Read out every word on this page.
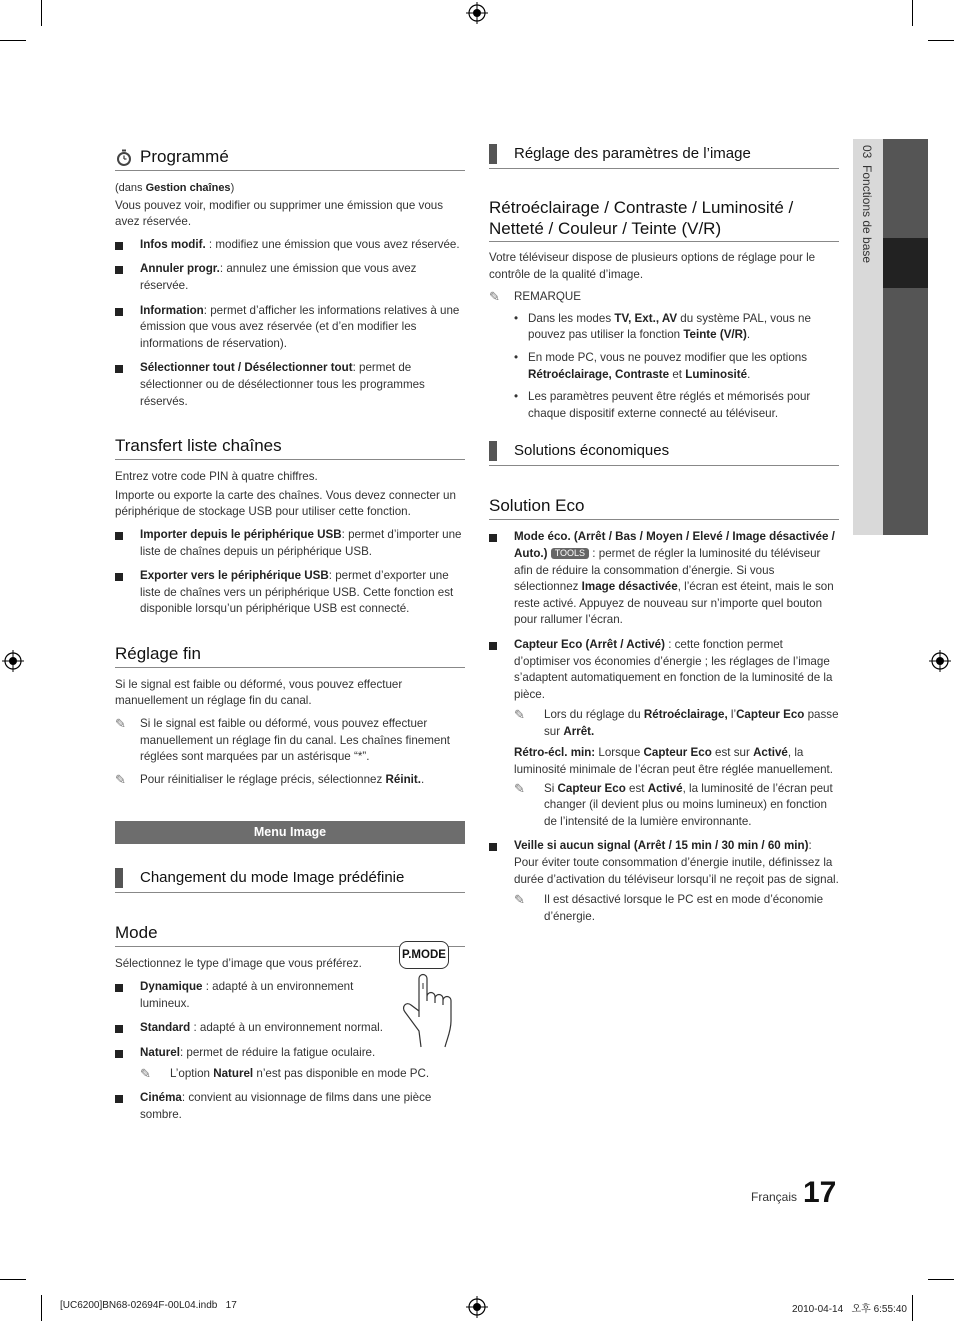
03  Fonctions de base
Programmé

(dans Gestion chaînes)

Vous pouvez voir, modifier ou supprimer une émission que vous avez réservée.

Infos modif. : modifiez une émission que vous avez réservée.

Annuler progr.: annulez une émission que vous avez réservée.

Information: permet d’afficher les informations relatives à une émission que vous avez réservée (et d’en modifier les informations de réservation).

Sélectionner tout / Désélectionner tout: permet de sélectionner ou de désélectionner tous les programmes réservés.

Transfert liste chaînes

Entrez votre code PIN à quatre chiffres.

Importe ou exporte la carte des chaînes. Vous devez connecter un périphérique de stockage USB pour utiliser cette fonction.

Importer depuis le périphérique USB: permet d’importer une liste de chaînes depuis un périphérique USB.

Exporter vers le périphérique USB: permet d’exporter une liste de chaînes vers un périphérique USB. Cette fonction est disponible lorsqu’un périphérique USB est connecté.

Réglage fin

Si le signal est faible ou déformé, vous pouvez effectuer manuellement un réglage fin du canal.

✎ Si le signal est faible ou déformé, vous pouvez effectuer manuellement un réglage fin du canal. Les chaînes finement réglées sont marquées par un astérisque “*”.

✎ Pour réinitialiser le réglage précis, sélectionnez Réinit..

Menu Image
Changement du mode Image prédéfinie
Mode
P.MODE

Sélectionnez le type d’image que vous préférez.

Dynamique : adapté à un environnement lumineux.

Standard : adapté à un environnement normal.

Naturel: permet de réduire la fatigue oculaire.

✎ L’option Naturel n’est pas disponible en mode PC.

Cinéma: convient au visionnage de films dans une pièce sombre.

Réglage des paramètres de l’image
Rétroéclairage / Contraste / Luminosité /
Netteté / Couleur / Teinte (V/R)

Votre téléviseur dispose de plusieurs options de réglage pour le contrôle de la qualité d’image.

✎ REMARQUE

• Dans les modes TV, Ext., AV du système PAL, vous ne pouvez pas utiliser la fonction Teinte (V/R).

• En mode PC, vous ne pouvez modifier que les options Rétroéclairage, Contraste et Luminosité.

• Les paramètres peuvent être réglés et mémorisés pour chaque dispositif externe connecté au téléviseur.

Solutions économiques
Solution Eco

Mode éco. (Arrêt / Bas / Moyen / Elevé / Image désactivée / Auto.) TOOLS : permet de régler la luminosité du téléviseur afin de réduire la consommation d’énergie. Si vous sélectionnez Image désactivée, l’écran est éteint, mais le son reste activé. Appuyez de nouveau sur n’importe quel bouton pour rallumer l’écran.

Capteur Eco (Arrêt / Activé) : cette fonction permet d’optimiser vos économies d’énergie ; les réglages de l’image s’adaptent automatiquement en fonction de la luminosité de la pièce.

✎ Lors du réglage du Rétroéclairage, l’Capteur Eco passe sur Arrêt.

Rétro-écl. min: Lorsque Capteur Eco est sur Activé, la luminosité minimale de l’écran peut être réglée manuellement.

✎ Si Capteur Eco est Activé, la luminosité de l’écran peut changer (il devient plus ou moins lumineux) en fonction de l’intensité de la lumière environnante.

Veille si aucun signal (Arrêt / 15 min / 30 min / 60 min): Pour éviter toute consommation d’énergie inutile, définissez la durée d’activation du téléviseur lorsqu’il ne reçoit pas de signal.

✎ Il est désactivé lorsque le PC est en mode d’économie d’énergie.

Français 17
[UC6200]BN68-02694F-00L04.indb   17	2010-04-14   오후 6:55:40
